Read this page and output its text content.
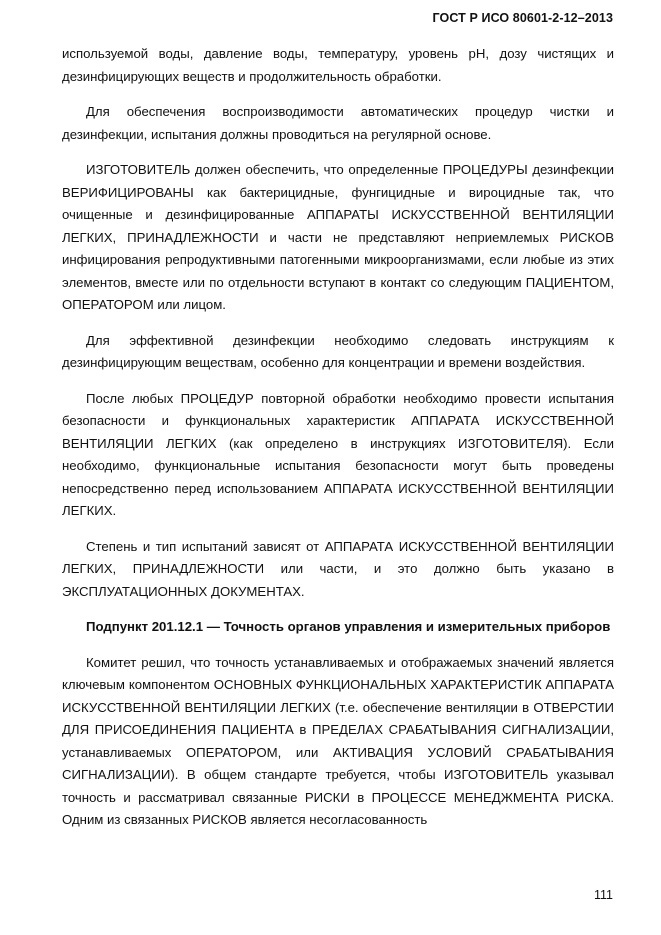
ГОСТ Р ИСО 80601-2-12–2013

используемой воды, давление воды, температуру, уровень рН, дозу чистящих и дезинфицирующих веществ и продолжительность обработки.

Для обеспечения воспроизводимости автоматических процедур чистки и дезинфекции, испытания должны проводиться на регулярной основе.

ИЗГОТОВИТЕЛЬ должен обеспечить, что определенные ПРОЦЕДУРЫ дезинфекции ВЕРИФИЦИРОВАНЫ как бактерицидные, фунгицидные и вироцидные так, что очищенные и дезинфицированные АППАРАТЫ ИСКУССТВЕННОЙ ВЕНТИЛЯЦИИ ЛЕГКИХ, ПРИНАДЛЕЖНОСТИ и части не представляют неприемлемых РИСКОВ инфицирования репродуктивными патогенными микроорганизмами, если любые из этих элементов, вместе или по отдельности вступают в контакт со следующим ПАЦИЕНТОМ, ОПЕРАТОРОМ или лицом.

Для эффективной дезинфекции необходимо следовать инструкциям к дезинфицирующим веществам, особенно для концентрации и времени воздействия.

После любых ПРОЦЕДУР повторной обработки необходимо провести испытания безопасности и функциональных характеристик АППАРАТА ИСКУССТВЕННОЙ ВЕНТИЛЯЦИИ ЛЕГКИХ (как определено в инструкциях ИЗГОТОВИТЕЛЯ). Если необходимо, функциональные испытания безопасности могут быть проведены непосредственно перед использованием АППАРАТА ИСКУССТВЕННОЙ ВЕНТИЛЯЦИИ ЛЕГКИХ.

Степень и тип испытаний зависят от АППАРАТА ИСКУССТВЕННОЙ ВЕНТИЛЯЦИИ ЛЕГКИХ, ПРИНАДЛЕЖНОСТИ или части, и это должно быть указано в ЭКСПЛУАТАЦИОННЫХ ДОКУМЕНТАХ.

Подпункт 201.12.1 — Точность органов управления и измерительных приборов

Комитет решил, что точность устанавливаемых и отображаемых значений является ключевым компонентом ОСНОВНЫХ ФУНКЦИОНАЛЬНЫХ ХАРАКТЕРИСТИК АППАРАТА ИСКУССТВЕННОЙ ВЕНТИЛЯЦИИ ЛЕГКИХ (т.е. обеспечение вентиляции в ОТВЕРСТИИ ДЛЯ ПРИСОЕДИНЕНИЯ ПАЦИЕНТА в ПРЕДЕЛАХ СРАБАТЫВАНИЯ СИГНАЛИЗАЦИИ, устанавливаемых ОПЕРАТОРОМ, или АКТИВАЦИЯ УСЛОВИЙ СРАБАТЫВАНИЯ СИГНАЛИЗАЦИИ). В общем стандарте требуется, чтобы ИЗГОТОВИТЕЛЬ указывал точность и рассматривал связанные РИСКИ в ПРОЦЕССЕ МЕНЕДЖМЕНТА РИСКА. Одним из связанных РИСКОВ является несогласованность

111
